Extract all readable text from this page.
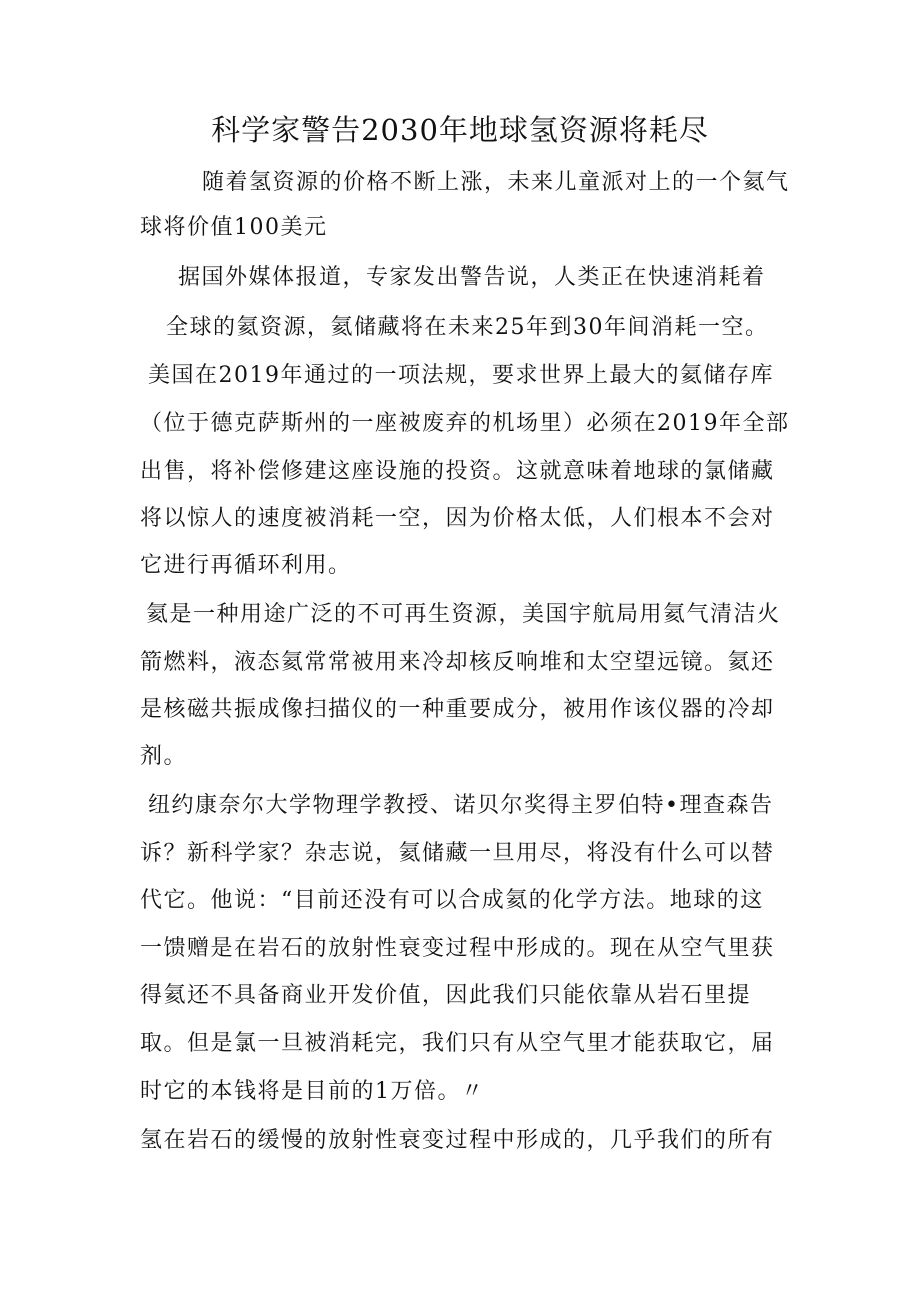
科学家警告2030年地球氢资源将耗尽

随着氢资源的价格不断上涨，未来儿童派对上的一个氦气

球将价值100美元

据国外媒体报道，专家发出警告说，人类正在快速消耗着

全球的氦资源，氦储藏将在未来25年到30年间消耗一空。

美国在2019年通过的一项法规，要求世界上最大的氦储存库

（位于德克萨斯州的一座被废弃的机场里）必须在2019年全部

出售，将补偿修建这座设施的投资。这就意味着地球的氯储藏

将以惊人的速度被消耗一空，因为价格太低，人们根本不会对

它进行再循环利用。

氦是一种用途广泛的不可再生资源，美国宇航局用氦气清洁火

箭燃料，液态氦常常被用来冷却核反响堆和太空望远镜。氦还

是核磁共振成像扫描仪的一种重要成分，被用作该仪器的冷却

剂。

纽约康奈尔大学物理学教授、诺贝尔奖得主罗伯特•理查森告

诉？新科学家？杂志说，氦储藏一旦用尽，将没有什么可以替

代它。他说：“目前还没有可以合成氦的化学方法。地球的这

一馈赠是在岩石的放射性衰变过程中形成的。现在从空气里获

得氦还不具备商业开发价值，因此我们只能依靠从岩石里提

取。但是氯一旦被消耗完，我们只有从空气里才能获取它，届

时它的本钱将是目前的1万倍。〃

氢在岩石的缓慢的放射性衰变过程中形成的，几乎我们的所有
